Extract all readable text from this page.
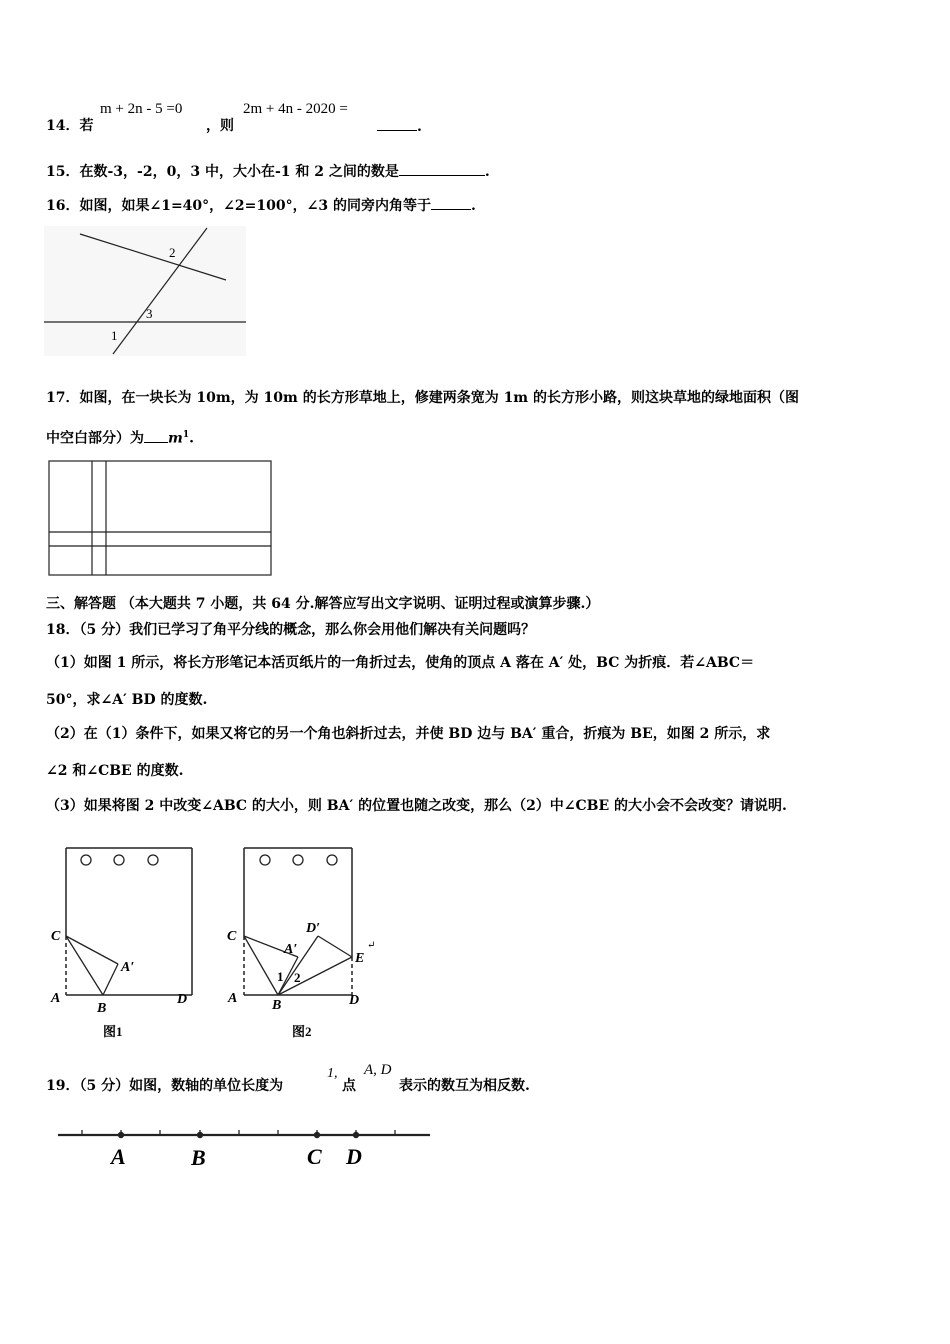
14．若
m + 2n - 5 =0
，则
2m + 4n - 2020 =
.
15．在数-3，-2，0，3 中，大小在-1 和 2 之间的数是	.
16．如图，如果∠1=40°，∠2=100°，∠3 的同旁内角等于	.
2
3
1
17．如图，在一块长为 10m，为 10m 的长方形草地上，修建两条宽为 1m 的长方形小路，则这块草地的绿地面积（图
中空白部分）为 $m^1$.
三、解答题 （本大题共 7 小题，共 64 分.解答应写出文字说明、证明过程或演算步骤.）
18．（5 分）我们已学习了角平分线的概念，那么你会用他们解决有关问题吗？
（1）如图 1 所示，将长方形笔记本活页纸片的一角折过去，使角的顶点 A 落在 A′ 处，BC 为折痕．若∠ABC＝
50°，求∠A′ BD 的度数.
（2）在（1）条件下，如果又将它的另一个角也斜折过去，并使 BD 边与 BA′ 重合，折痕为 BE，如图 2 所示，求
∠2 和∠CBE 的度数.
（3）如果将图 2 中改变∠ABC 的大小，则 BA′ 的位置也随之改变，那么（2）中∠CBE 的大小会不会改变？请说明.
C
A
B
D
A′
图1
C
A B	D
A′
D′
E
↵
1 2
图2
19．（5 分）如图，数轴的单位长度为
1,
点
A, D
表示的数互为相反数.
A	B	C D
